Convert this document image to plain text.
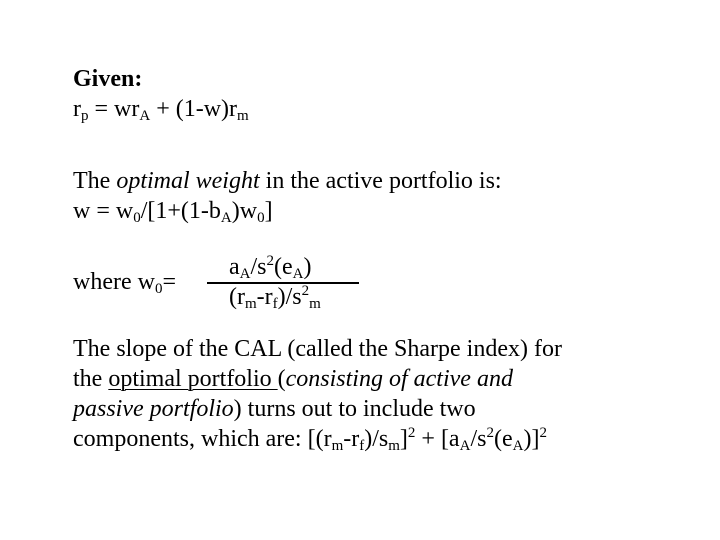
Given:
$r_p = wr_A + (1-w)r_m$
The optimal weight in the active portfolio is:
$w = w_0/[1+(1-b_A)w_0]$
where $w_0=$
$a_A/s^2(e_A)$
$(r_m-r_f)/s^2_m$
The slope of the CAL (called the Sharpe index) for
the optimal portfolio (consisting of active and
passive portfolio) turns out to include two
components, which are: $[(r_m-r_f)/s_m]^2 + [a_A/s^2(e_A)]^2$
